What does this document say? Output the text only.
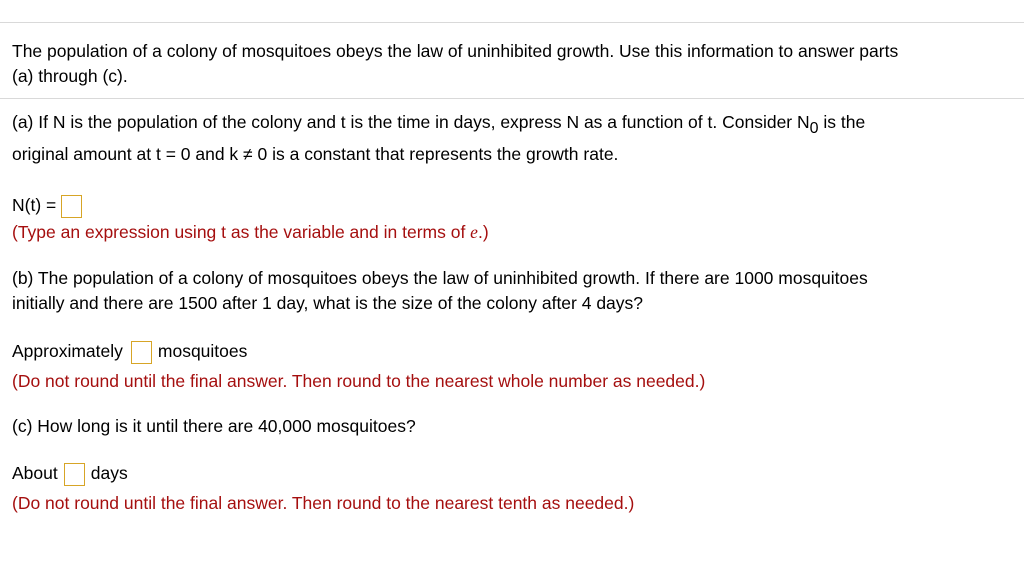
The population of a colony of mosquitoes obeys the law of uninhibited growth. Use this information to answer parts
(a) through (c).
(a) If N is the population of the colony and t is the time in days, express N as a function of t. Consider N0 is the
original amount at t = 0 and k ≠ 0 is a constant that represents the growth rate.
N(t) =
(Type an expression using t as the variable and in terms of e.)
(b) The population of a colony of mosquitoes obeys the law of uninhibited growth. If there are 1000 mosquitoes
initially and there are 1500 after 1 day, what is the size of the colony after 4 days?
Approximately mosquitoes
(Do not round until the final answer. Then round to the nearest whole number as needed.)
(c) How long is it until there are 40,000 mosquitoes?
About days
(Do not round until the final answer. Then round to the nearest tenth as needed.)
